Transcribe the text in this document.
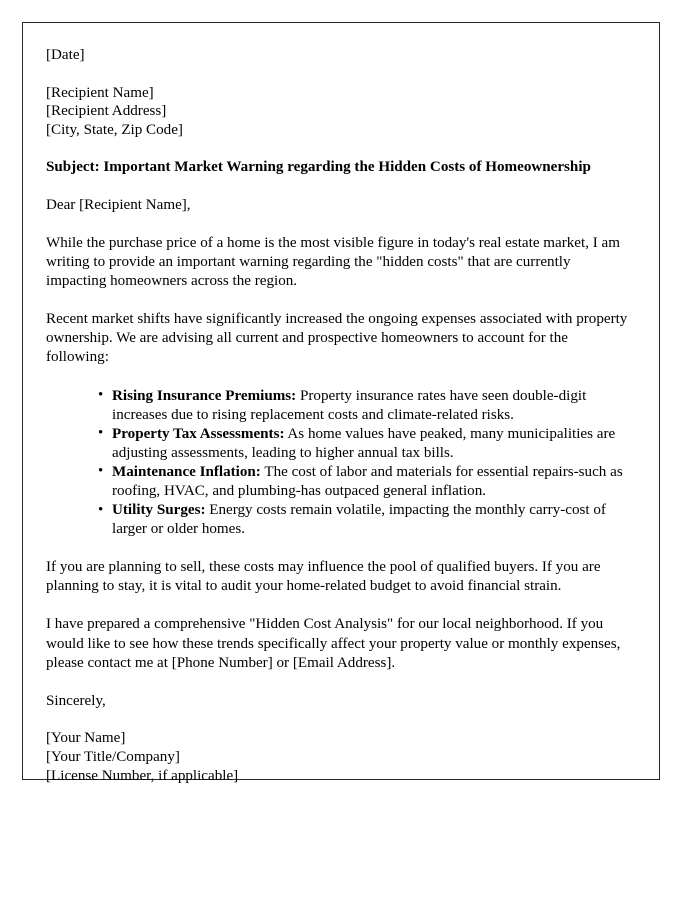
[Date]
[Recipient Name]
[Recipient Address]
[City, State, Zip Code]
Subject: Important Market Warning regarding the Hidden Costs of Homeownership
Dear [Recipient Name],
While the purchase price of a home is the most visible figure in today's real estate market, I am writing to provide an important warning regarding the "hidden costs" that are currently impacting homeowners across the region.
Recent market shifts have significantly increased the ongoing expenses associated with property ownership. We are advising all current and prospective homeowners to account for the following:
• Rising Insurance Premiums: Property insurance rates have seen double-digit increases due to rising replacement costs and climate-related risks.
• Property Tax Assessments: As home values have peaked, many municipalities are adjusting assessments, leading to higher annual tax bills.
• Maintenance Inflation: The cost of labor and materials for essential repairs-such as roofing, HVAC, and plumbing-has outpaced general inflation.
• Utility Surges: Energy costs remain volatile, impacting the monthly carry-cost of larger or older homes.
If you are planning to sell, these costs may influence the pool of qualified buyers. If you are planning to stay, it is vital to audit your home-related budget to avoid financial strain.
I have prepared a comprehensive "Hidden Cost Analysis" for our local neighborhood. If you would like to see how these trends specifically affect your property value or monthly expenses, please contact me at [Phone Number] or [Email Address].
Sincerely,
[Your Name]
[Your Title/Company]
[License Number, if applicable]
